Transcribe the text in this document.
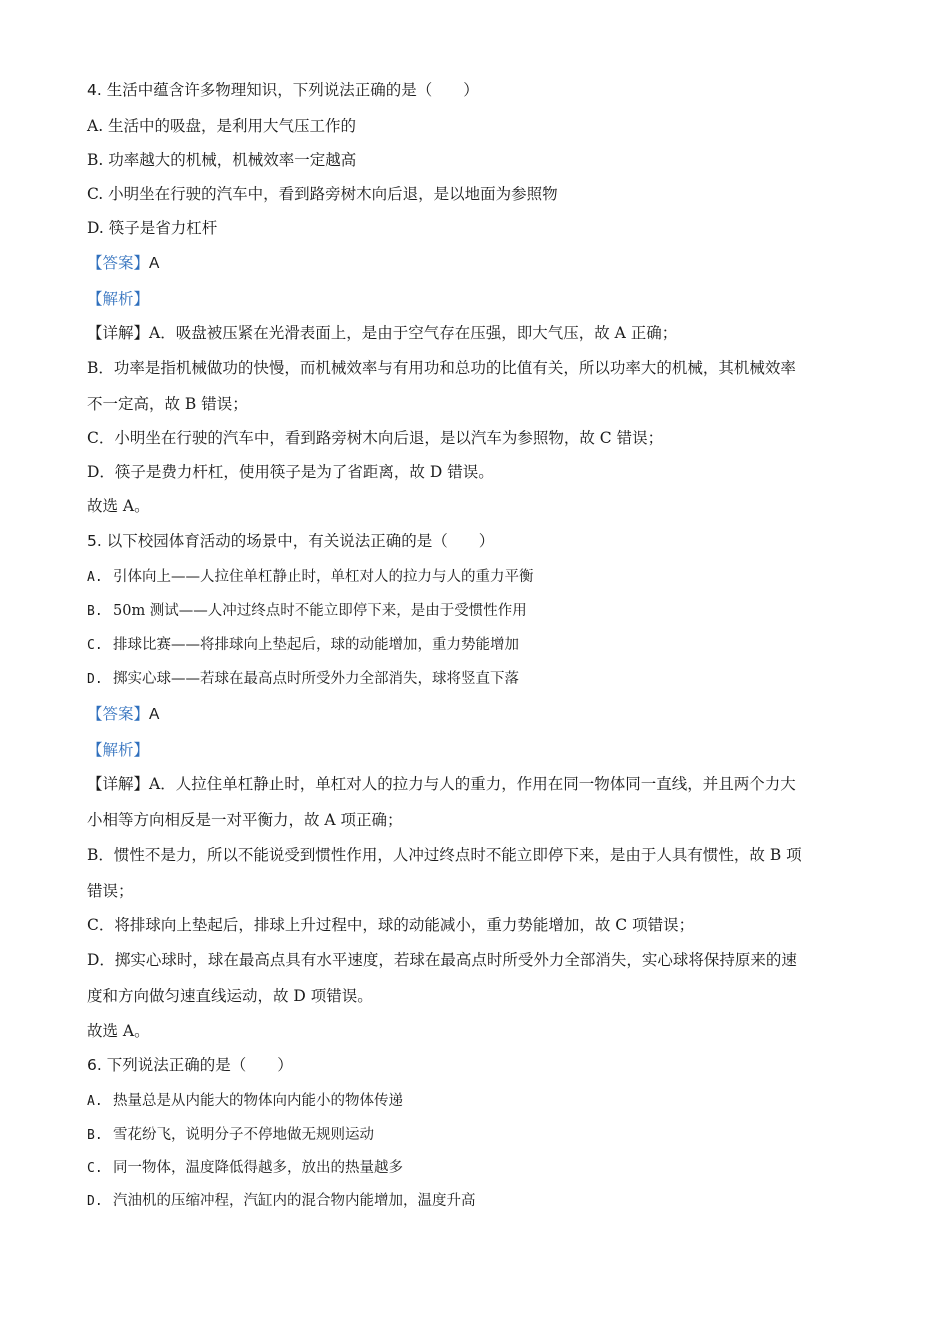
4. 生活中蕴含许多物理知识，下列说法正确的是（　　）
A. 生活中的吸盘，是利用大气压工作的
B. 功率越大的机械，机械效率一定越高
C. 小明坐在行驶的汽车中，看到路旁树木向后退，是以地面为参照物
D. 筷子是省力杠杆
【答案】A
【解析】
【详解】A．吸盘被压紧在光滑表面上，是由于空气存在压强，即大气压，故 A 正确；
B．功率是指机械做功的快慢，而机械效率与有用功和总功的比值有关，所以功率大的机械，其机械效率
不一定高，故 B 错误；
C．小明坐在行驶的汽车中，看到路旁树木向后退，是以汽车为参照物，故 C 错误；
D．筷子是费力杆杠，使用筷子是为了省距离，故 D 错误。
故选 A。
5. 以下校园体育活动的场景中，有关说法正确的是（　　）
A. 引体向上——人拉住单杠静止时，单杠对人的拉力与人的重力平衡
B. 50m 测试——人冲过终点时不能立即停下来，是由于受惯性作用
C. 排球比赛——将排球向上垫起后，球的动能增加，重力势能增加
D. 掷实心球——若球在最高点时所受外力全部消失，球将竖直下落
【答案】A
【解析】
【详解】A．人拉住单杠静止时，单杠对人的拉力与人的重力，作用在同一物体同一直线，并且两个力大
小相等方向相反是一对平衡力，故 A 项正确；
B．惯性不是力，所以不能说受到惯性作用，人冲过终点时不能立即停下来，是由于人具有惯性，故 B 项
错误；
C．将排球向上垫起后，排球上升过程中，球的动能减小，重力势能增加，故 C 项错误；
D．掷实心球时，球在最高点具有水平速度，若球在最高点时所受外力全部消失，实心球将保持原来的速
度和方向做匀速直线运动，故 D 项错误。
故选 A。
6. 下列说法正确的是（　　）
A. 热量总是从内能大的物体向内能小的物体传递
B. 雪花纷飞，说明分子不停地做无规则运动
C. 同一物体，温度降低得越多，放出的热量越多
D. 汽油机的压缩冲程，汽缸内的混合物内能增加，温度升高
